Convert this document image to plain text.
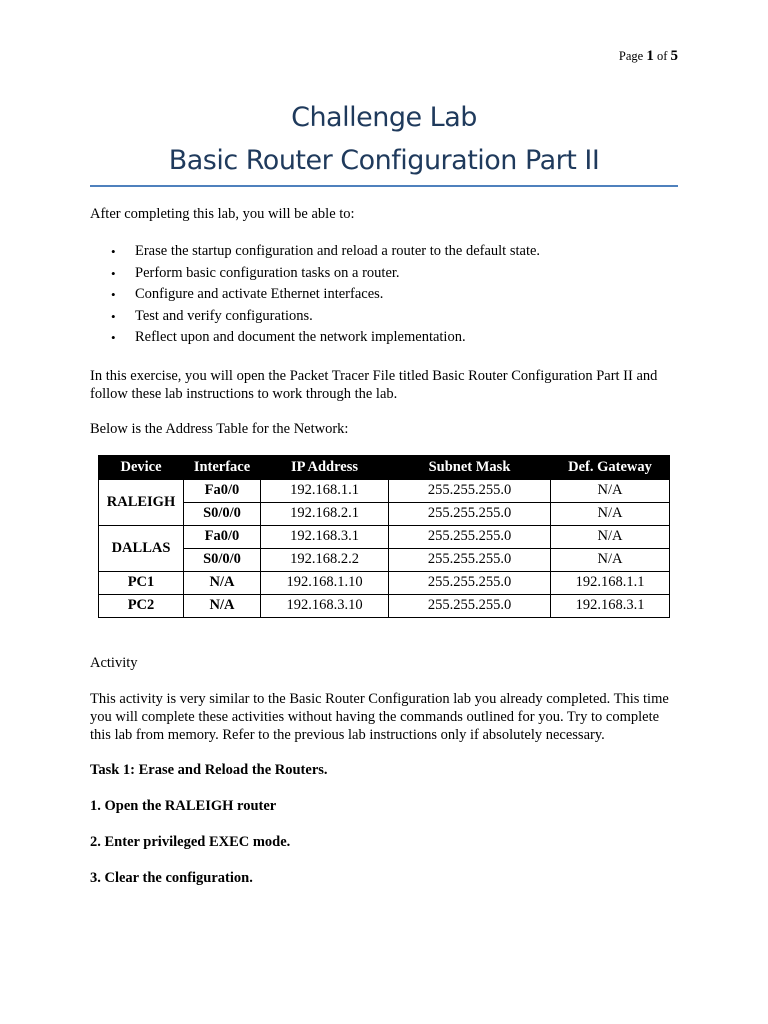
Page 1 of 5
Challenge Lab
Basic Router Configuration Part II

After completing this lab, you will be able to:

• Erase the startup configuration and reload a router to the default state.
• Perform basic configuration tasks on a router.
• Configure and activate Ethernet interfaces.
• Test and verify configurations.
• Reflect upon and document the network implementation.

In this exercise, you will open the Packet Tracer File titled Basic Router Configuration Part II and follow these lab instructions to work through the lab.

Below is the Address Table for the Network:

Device	Interface	IP Address	Subnet Mask	Def. Gateway
RALEIGH	Fa0/0	192.168.1.1	255.255.255.0	N/A
	S0/0/0	192.168.2.1	255.255.255.0	N/A
DALLAS	Fa0/0	192.168.3.1	255.255.255.0	N/A
	S0/0/0	192.168.2.2	255.255.255.0	N/A
PC1	N/A	192.168.1.10	255.255.255.0	192.168.1.1
PC2	N/A	192.168.3.10	255.255.255.0	192.168.3.1

Activity

This activity is very similar to the Basic Router Configuration lab you already completed. This time you will complete these activities without having the commands outlined for you. Try to complete this lab from memory. Refer to the previous lab instructions only if absolutely necessary.

Task 1: Erase and Reload the Routers.

1. Open the RALEIGH router

2. Enter privileged EXEC mode.

3. Clear the configuration.
